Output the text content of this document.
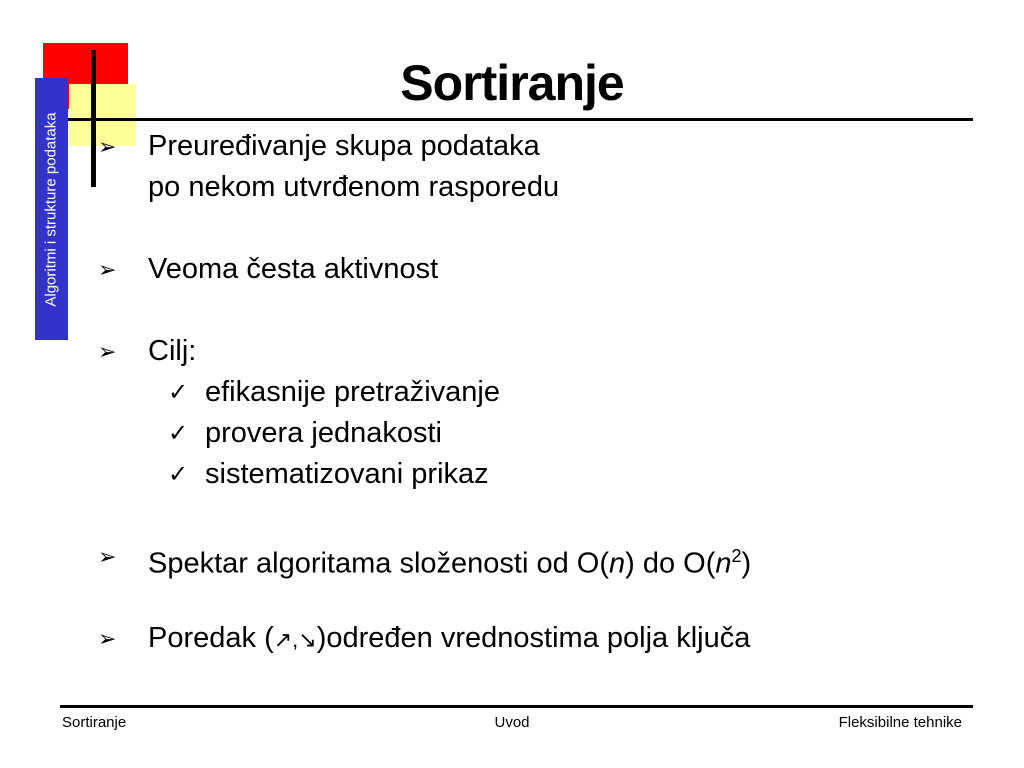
Algoritmi i strukture podataka
Sortiranje
➢ Preuređivanje skupa podataka
po nekom utvrđenom rasporedu
➢ Veoma česta aktivnost
➢ Cilj:
✓ efikasnije pretraživanje
✓ provera jednakosti
✓ sistematizovani prikaz
➢ Spektar algoritama složenosti od O(n) do $O(n^2)$
➢ Poredak (↗,↘)određen vrednostima polja ključa
Sortiranje	Uvod	Fleksibilne tehnike
